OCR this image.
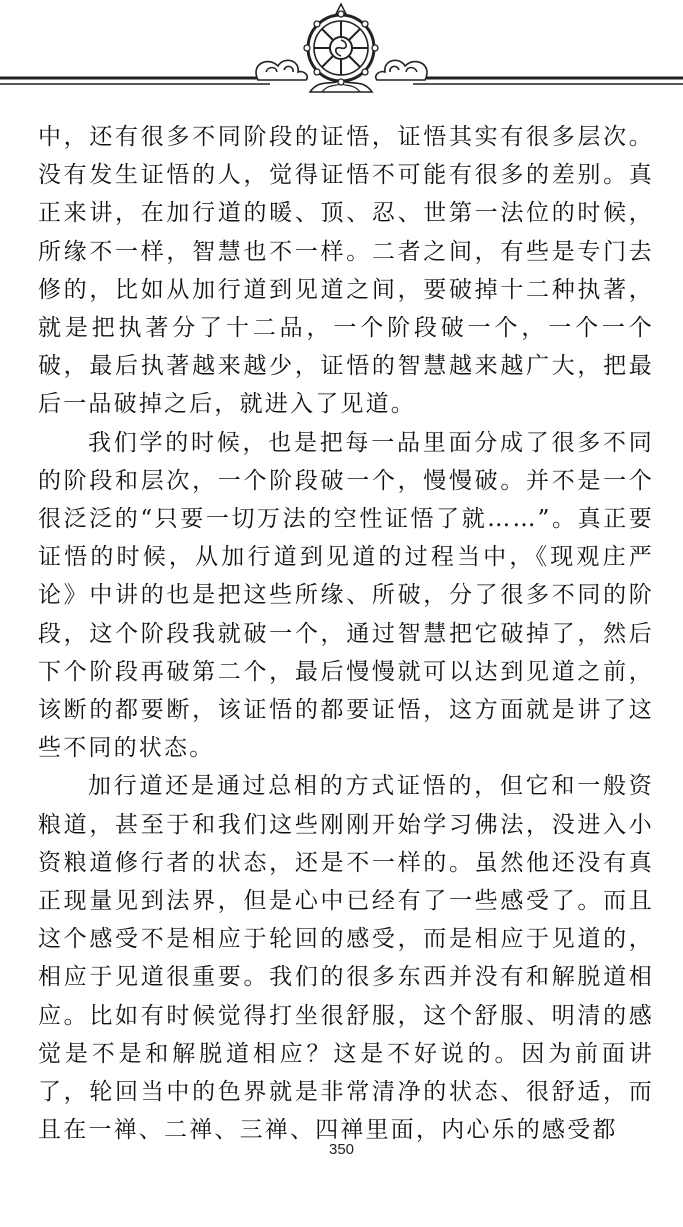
中，还有很多不同阶段的证悟，证悟其实有很多层次。没有发生证悟的人，觉得证悟不可能有很多的差别。真正来讲，在加行道的暖、顶、忍、世第一法位的时候，所缘不一样，智慧也不一样。二者之间，有些是专门去修的，比如从加行道到见道之间，要破掉十二种执著，就是把执著分了十二品，一个阶段破一个，一个一个破，最后执著越来越少，证悟的智慧越来越广大，把最后一品破掉之后，就进入了见道。

我们学的时候，也是把每一品里面分成了很多不同的阶段和层次，一个阶段破一个，慢慢破。并不是一个很泛泛的“只要一切万法的空性证悟了就……”。真正要证悟的时候，从加行道到见道的过程当中，《现观庄严论》中讲的也是把这些所缘、所破，分了很多不同的阶段，这个阶段我就破一个，通过智慧把它破掉了，然后下个阶段再破第二个，最后慢慢就可以达到见道之前，该断的都要断，该证悟的都要证悟，这方面就是讲了这些不同的状态。

加行道还是通过总相的方式证悟的，但它和一般资粮道，甚至于和我们这些刚刚开始学习佛法，没进入小资粮道修行者的状态，还是不一样的。虽然他还没有真正现量见到法界，但是心中已经有了一些感受了。而且这个感受不是相应于轮回的感受，而是相应于见道的，相应于见道很重要。我们的很多东西并没有和解脱道相应。比如有时候觉得打坐很舒服，这个舒服、明清的感觉是不是和解脱道相应？这是不好说的。因为前面讲了，轮回当中的色界就是非常清净的状态、很舒适，而且在一禅、二禅、三禅、四禅里面，内心乐的感受都

350
